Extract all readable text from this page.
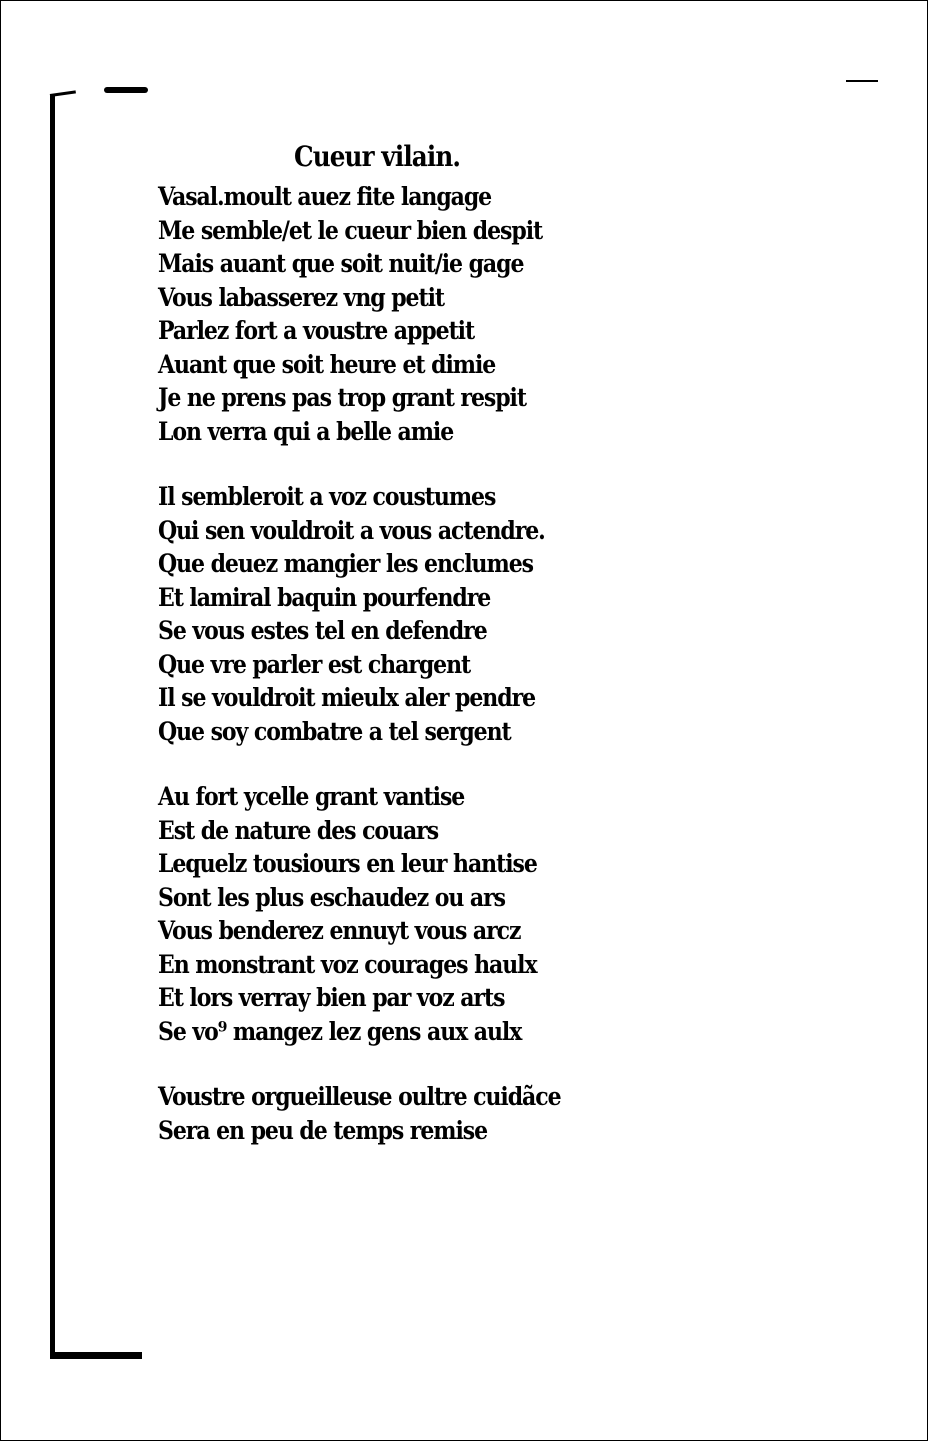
Cueur vilain.
Vasal.moult auez fite langage
Me semble/et le cueur bien despit
Mais auant que soit nuit/ie gage
Vous labasserez vng petit
Parlez fort a voustre appetit
Auant que soit heure et dimie
Je ne prens pas trop grant respit
Lon verra qui a belle amie
Il sembleroit a voz coustumes
Qui sen vouldroit a vous actendre.
Que deuez mangier les enclumes
Et lamiral baquin pourfendre
Se vous estes tel en defendre
Que vre parler est chargent
Il se vouldroit mieulx aler pendre
Que soy combatre a tel sergent
Au fort ycelle grant vantise
Est de nature des couars
Lequelz tousiours en leur hantise
Sont les plus eschaudez ou ars
Vous benderez ennuyt vous arcz
En monstrant voz courages haulx
Et lors verray bien par voz arts
Se vo⁹ mangez lez gens aux aulx
Voustre orgueilleuse oultre cuidãce
Sera en peu de temps remise
